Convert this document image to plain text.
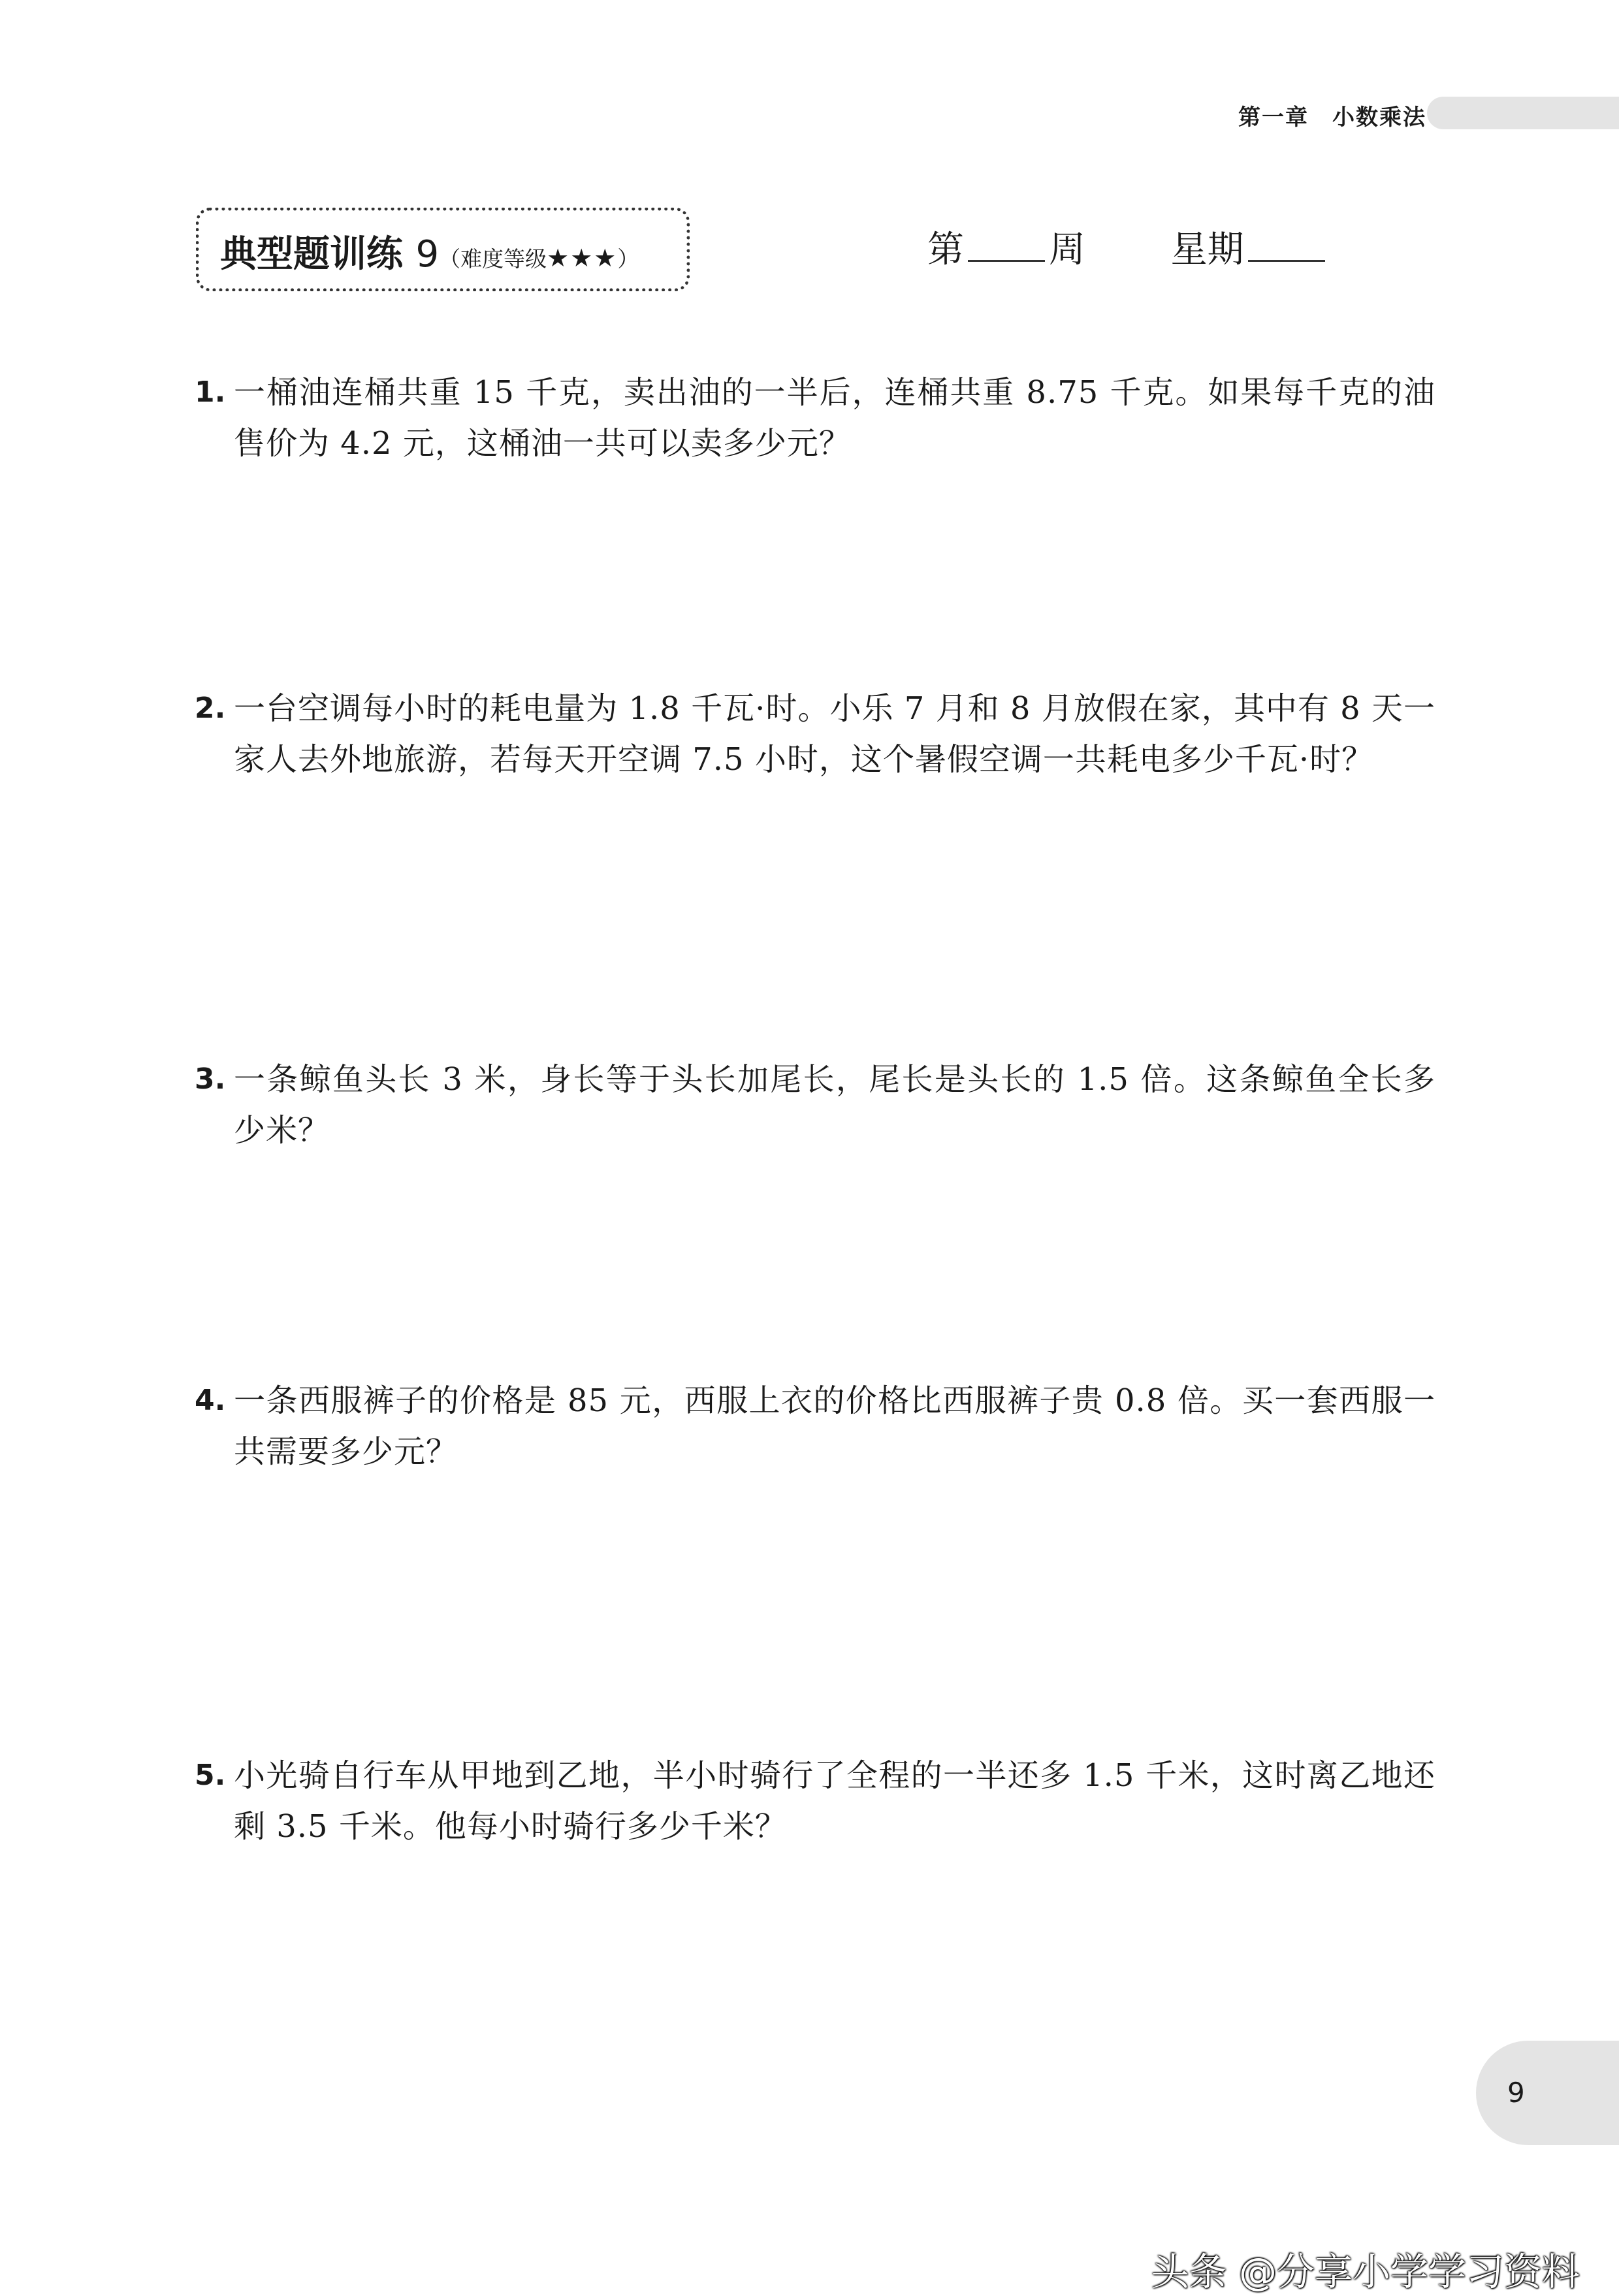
第一章　小数乘法
典型题训练 9（难度等级★★★）	第 周 星期
1. 一桶油连桶共重 15 千克，卖出油的一半后，连桶共重 8.75 千克。如果每千克的油售价为 4.2 元，这桶油一共可以卖多少元？
2. 一台空调每小时的耗电量为 1.8 千瓦·时。小乐 7 月和 8 月放假在家，其中有 8 天一家人去外地旅游，若每天开空调 7.5 小时，这个暑假空调一共耗电多少千瓦·时？
3. 一条鲸鱼头长 3 米，身长等于头长加尾长，尾长是头长的 1.5 倍。这条鲸鱼全长多少米？
4. 一条西服裤子的价格是 85 元，西服上衣的价格比西服裤子贵 0.8 倍。买一套西服一共需要多少元？
5. 小光骑自行车从甲地到乙地，半小时骑行了全程的一半还多 1.5 千米，这时离乙地还剩 3.5 千米。他每小时骑行多少千米？
9
头条 @分享小学学习资料
